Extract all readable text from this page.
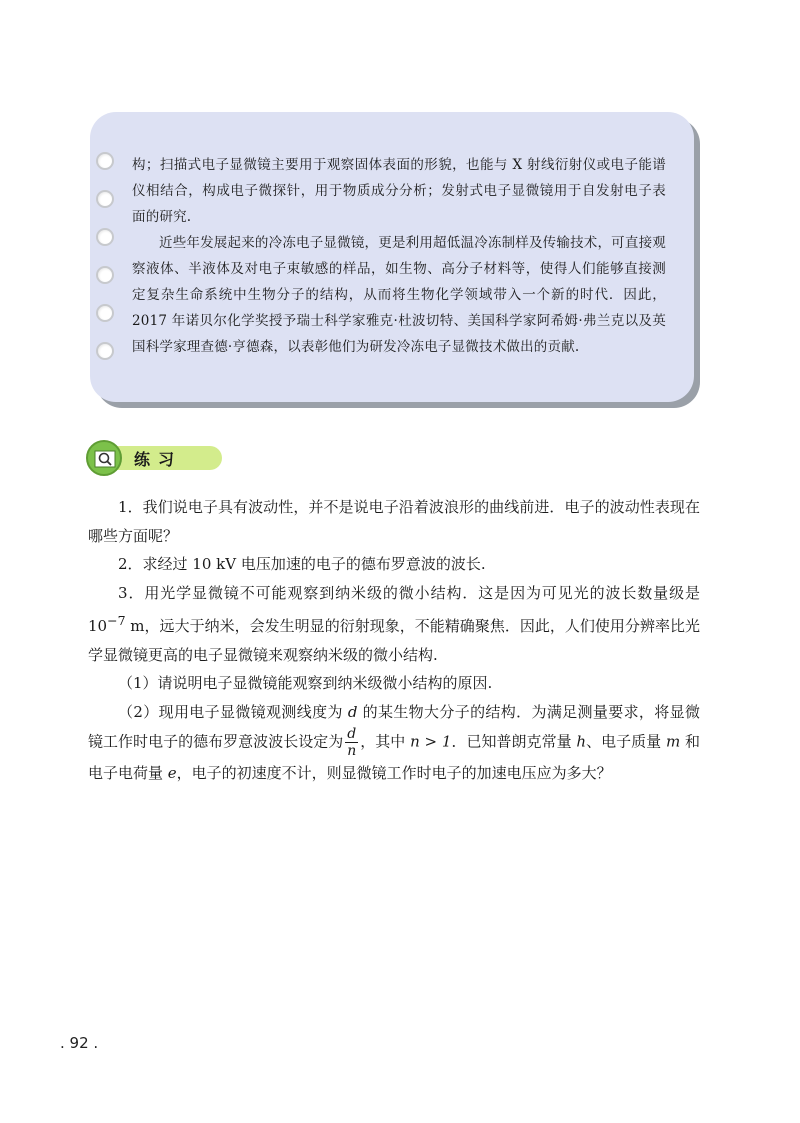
构；扫描式电子显微镜主要用于观察固体表面的形貌，也能与 X 射线衍射仪或电子能谱仪相结合，构成电子微探针，用于物质成分分析；发射式电子显微镜用于自发射电子表面的研究.

近些年发展起来的冷冻电子显微镜，更是利用超低温冷冻制样及传输技术，可直接观察液体、半液体及对电子束敏感的样品，如生物、高分子材料等，使得人们能够直接测定复杂生命系统中生物分子的结构，从而将生物化学领域带入一个新的时代．因此，2017 年诺贝尔化学奖授予瑞士科学家雅克·杜波切特、美国科学家阿希姆·弗兰克以及英国科学家理查德·亨德森，以表彰他们为研发冷冻电子显微技术做出的贡献.

练习

1．我们说电子具有波动性，并不是说电子沿着波浪形的曲线前进．电子的波动性表现在哪些方面呢？

2．求经过 10 kV 电压加速的电子的德布罗意波的波长.

3．用光学显微镜不可能观察到纳米级的微小结构．这是因为可见光的波长数量级是 $10^{-7}$ m，远大于纳米，会发生明显的衍射现象，不能精确聚焦．因此，人们使用分辨率比光学显微镜更高的电子显微镜来观察纳米级的微小结构.

（1）请说明电子显微镜能观察到纳米级微小结构的原因.

（2）现用电子显微镜观测线度为 d 的某生物大分子的结构．为满足测量要求，将显微镜工作时电子的德布罗意波波长设定为 $\frac{d}{n}$ ，其中 n > 1．已知普朗克常量 h、电子质量 m 和电子电荷量 e，电子的初速度不计，则显微镜工作时电子的加速电压应为多大？

. 92 .
